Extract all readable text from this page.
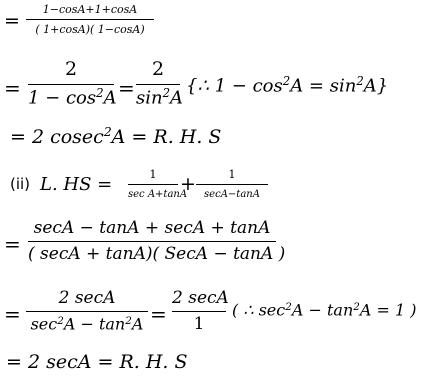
=
1−cosA+1+cosA
( 1+cosA)( 1−cosA)
=
2
$1 - \cos^2A$ =
2
$\sin^2A$
{∴ $1 - \cos^2A = \sin^2A$}
= 2 cosec$^2$A = R. H. S
(ii) L. HS =	1
sec A+tanA
+	1
secA−tanA
=
secA − tanA + secA + tanA
( secA + tanA)( SecA − tanA )
=
2 secA
$\sec^2A - \tan^2A$ =
2 secA
1
( ∴ $\sec^2A - \tan^2A = 1$ )
= 2 secA = R. H. S
